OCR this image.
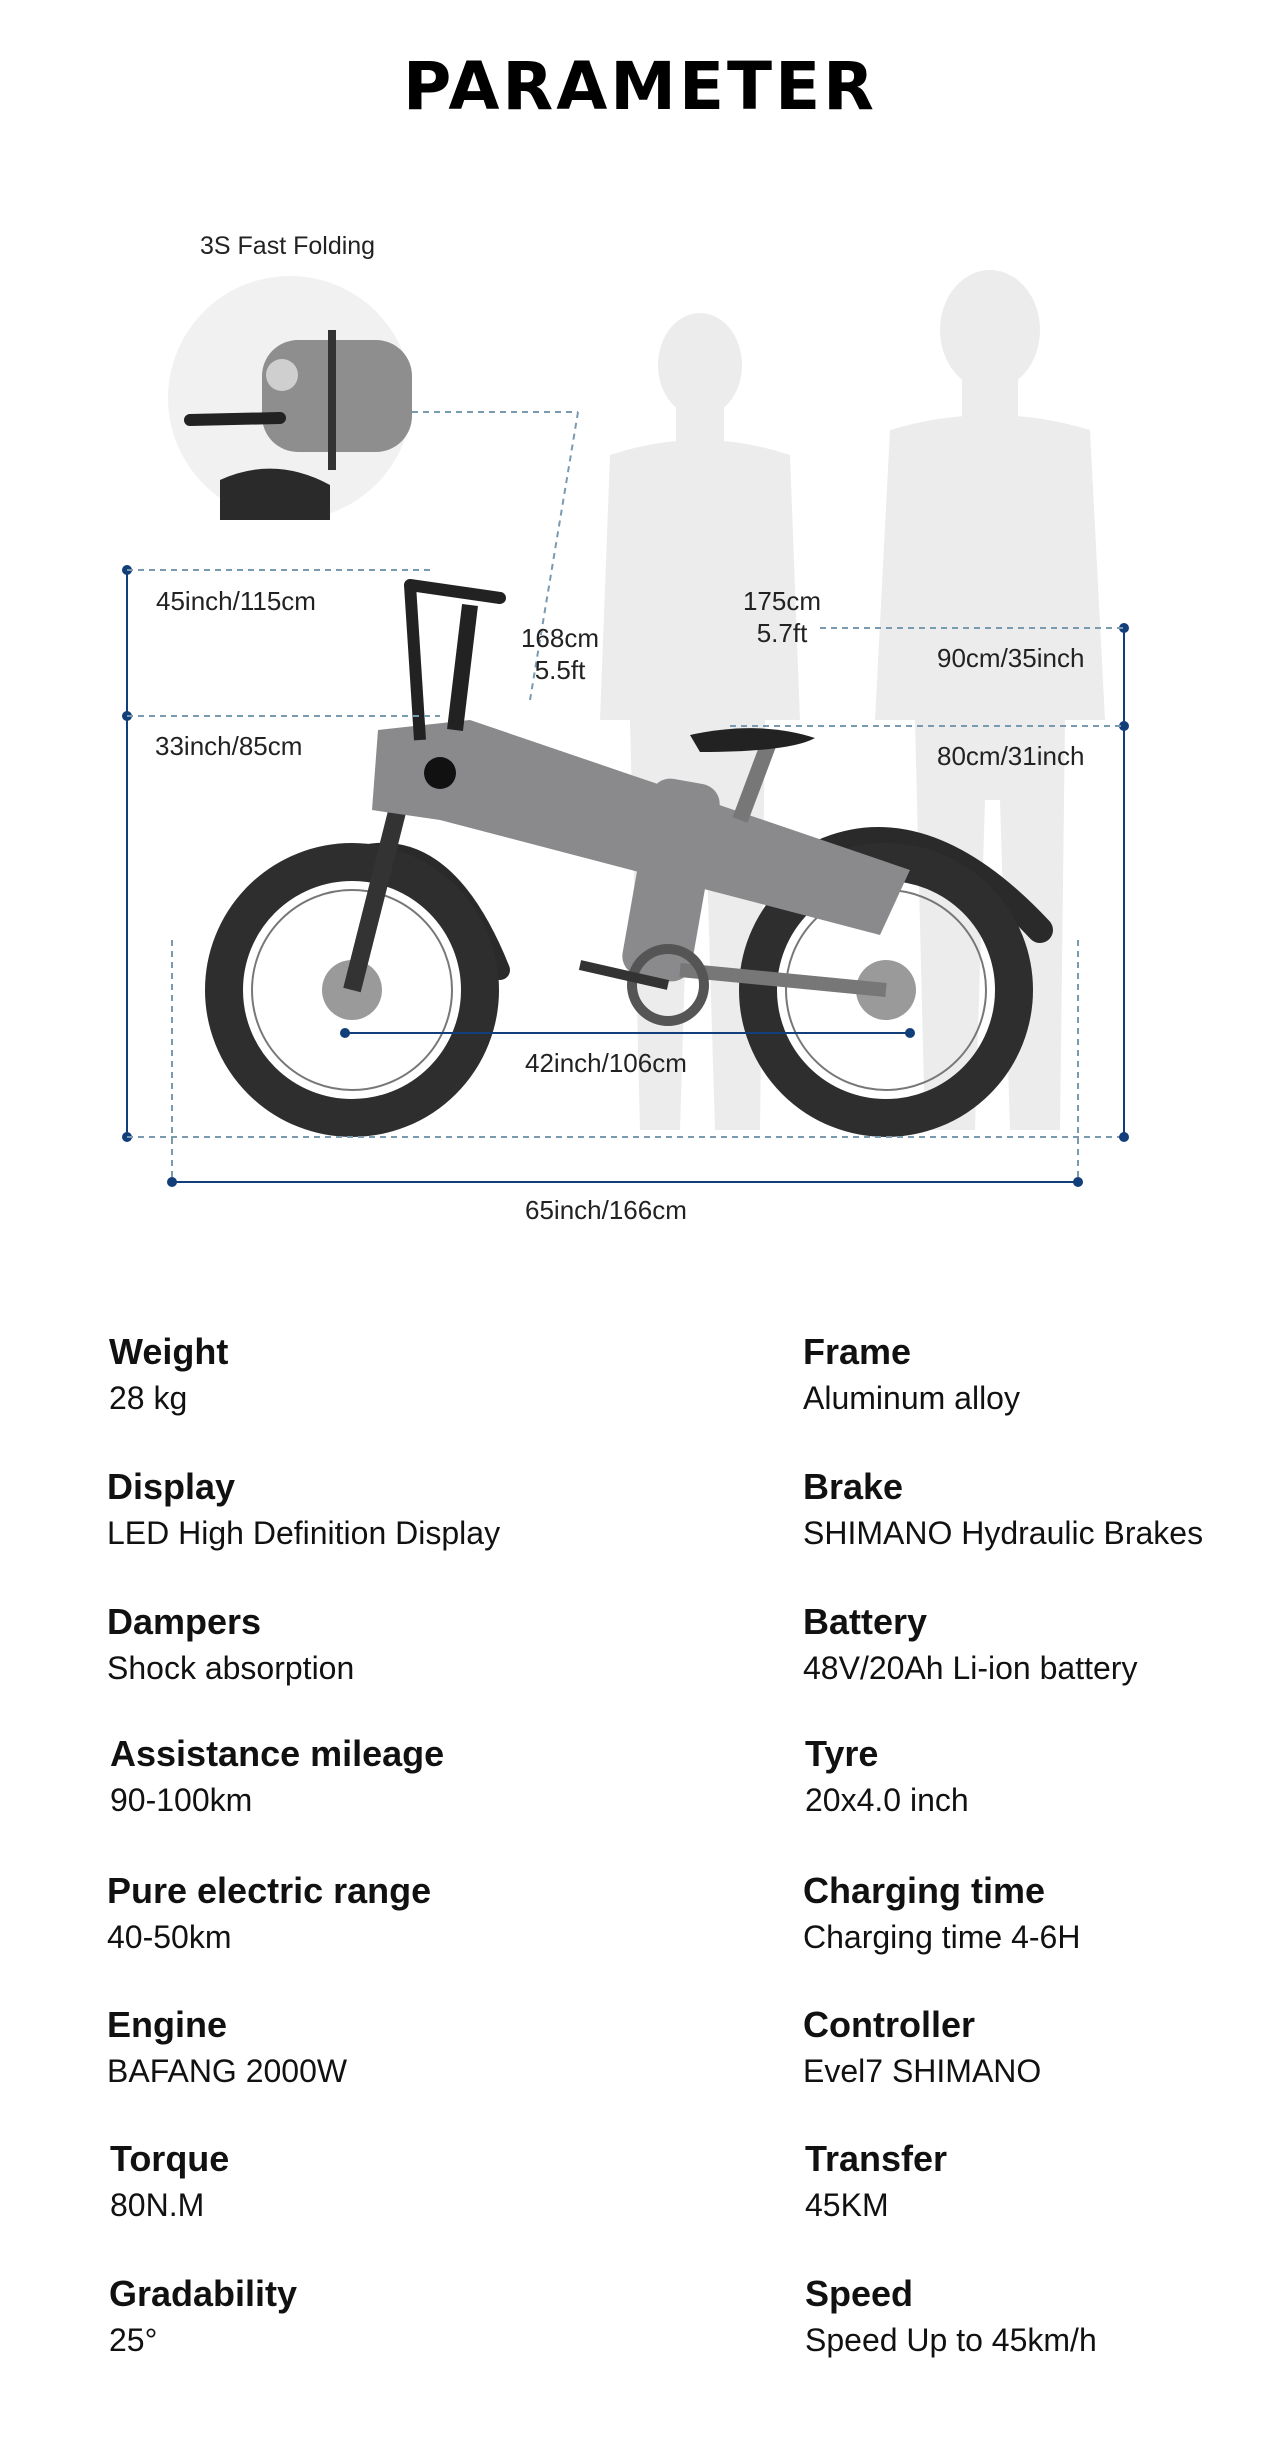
PARAMETER
3S Fast Folding
45inch/115cm
33inch/85cm
168cm
5.5ft
175cm
5.7ft
90cm/35inch
80cm/31inch
42inch/106cm
65inch/166cm
Weight
28 kg
Frame
Aluminum alloy
Display
LED High Definition Display
Brake
SHIMANO Hydraulic Brakes
Dampers
Shock absorption
Battery
48V/20Ah Li-ion battery
Assistance mileage
90-100km
Tyre
20x4.0 inch
Pure electric range
40-50km
Charging time
Charging time 4-6H
Engine
BAFANG 2000W
Controller
Evel7 SHIMANO
Torque
80N.M
Transfer
45KM
Gradability
25°
Speed
Speed Up to 45km/h
